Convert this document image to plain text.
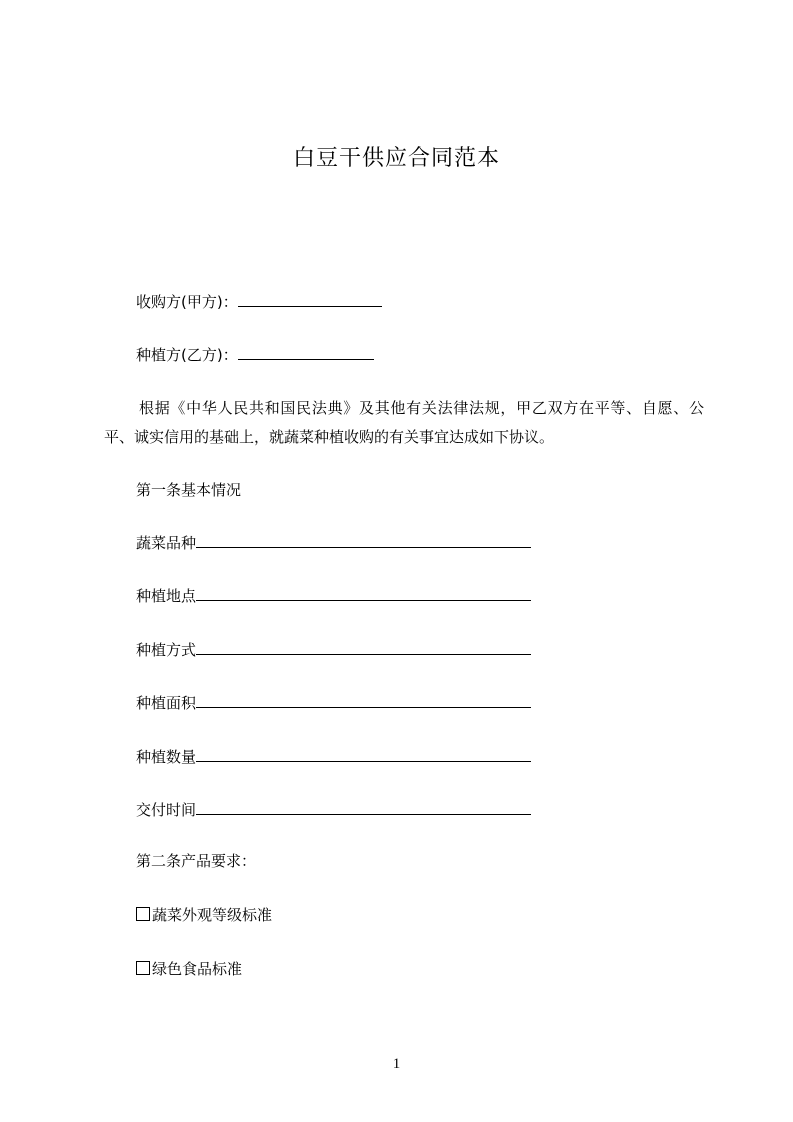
白豆干供应合同范本
收购方(甲方)：
种植方(乙方)：
根据《中华人民共和国民法典》及其他有关法律法规，甲乙双方在平等、自愿、公平、诚实信用的基础上，就蔬菜种植收购的有关事宜达成如下协议。
第一条基本情况
蔬菜品种
种植地点
种植方式
种植面积
种植数量
交付时间
第二条产品要求：
蔬菜外观等级标准
绿色食品标准
1
